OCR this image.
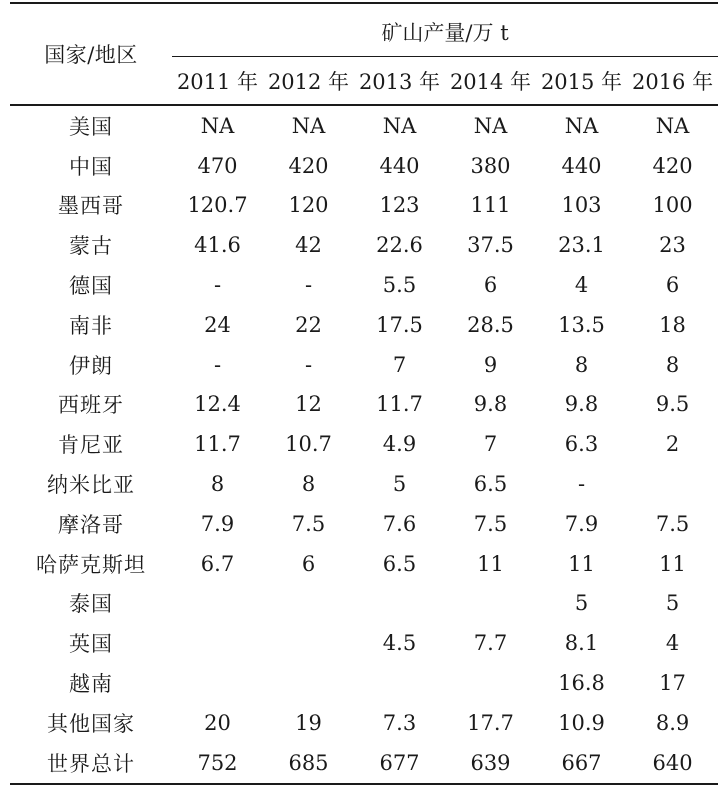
国家/地区	矿山产量/万 t					
	2011 年	2012 年	2013 年	2014 年	2015 年	2016 年
美国	NA	NA	NA	NA	NA	NA
中国	470	420	440	380	440	420
墨西哥	120.7	120	123	111	103	100
蒙古	41.6	42	22.6	37.5	23.1	23
德国	-	-	5.5	6	4	6
南非	24	22	17.5	28.5	13.5	18
伊朗	-	-	7	9	8	8
西班牙	12.4	12	11.7	9.8	9.8	9.5
肯尼亚	11.7	10.7	4.9	7	6.3	2
纳米比亚	8	8	5	6.5	-	
摩洛哥	7.9	7.5	7.6	7.5	7.9	7.5
哈萨克斯坦	6.7	6	6.5	11	11	11
泰国					5	5
英国			4.5	7.7	8.1	4
越南					16.8	17
其他国家	20	19	7.3	17.7	10.9	8.9
世界总计	752	685	677	639	667	640
